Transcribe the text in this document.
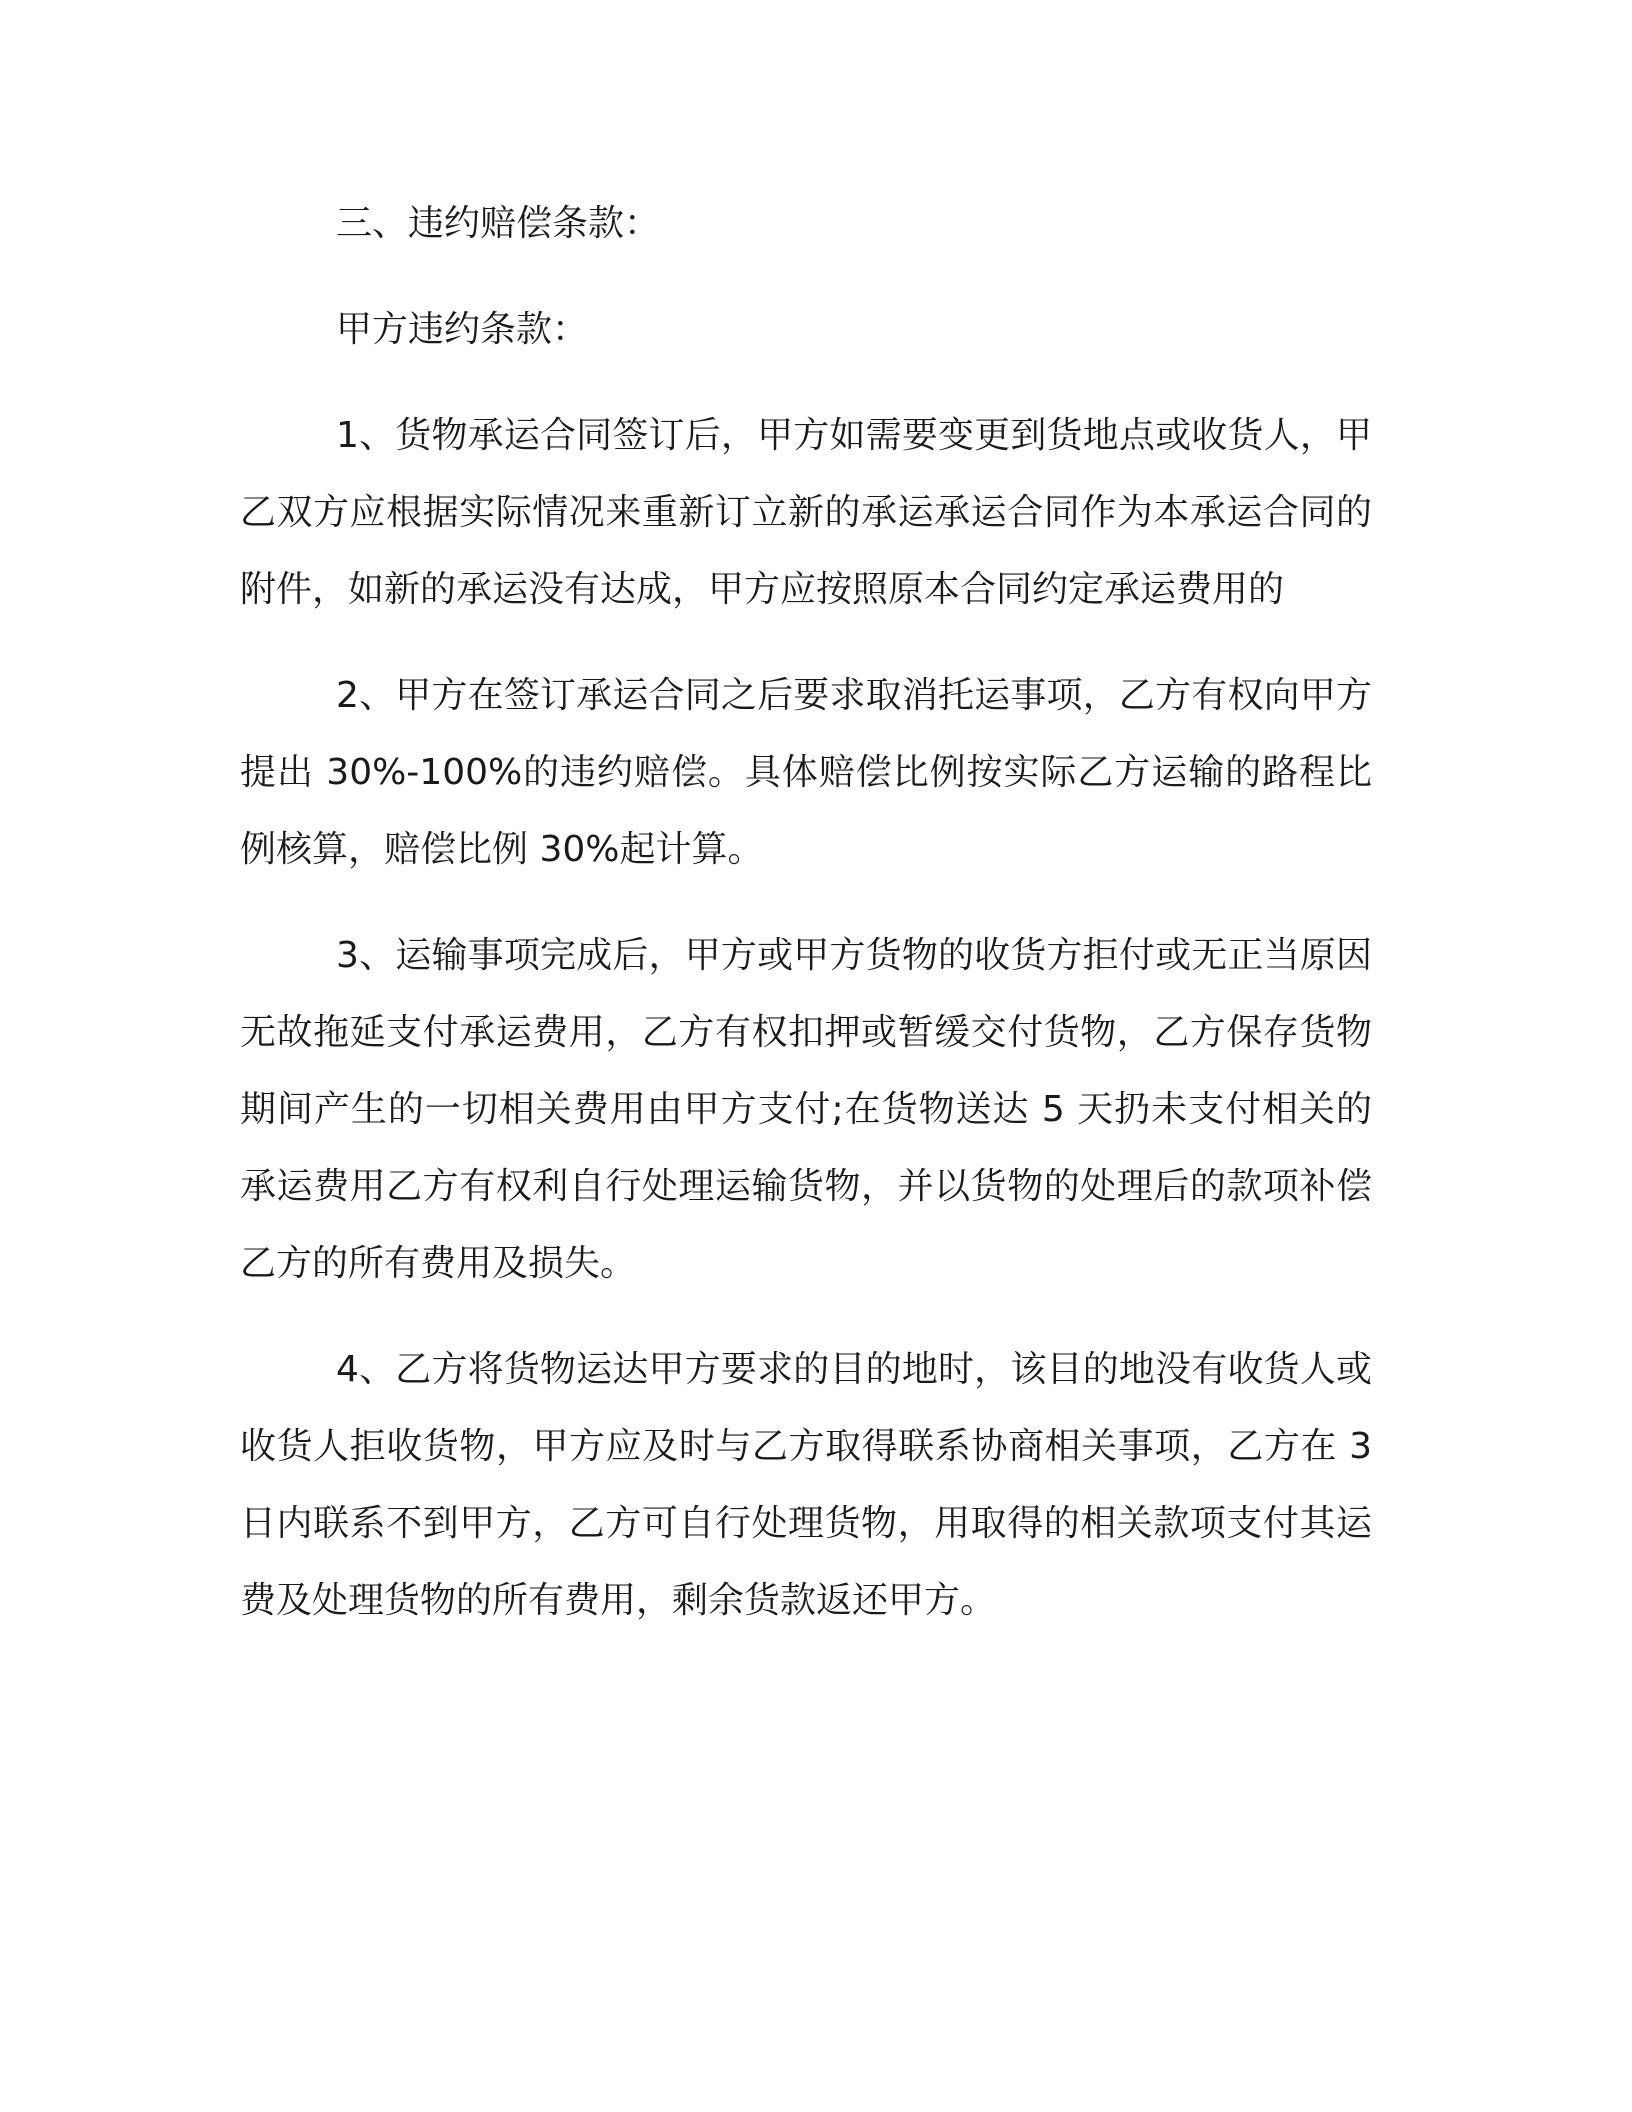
三、违约赔偿条款：

甲方违约条款：

1、货物承运合同签订后，甲方如需要变更到货地点或收货人，甲乙双方应根据实际情况来重新订立新的承运承运合同作为本承运合同的附件，如新的承运没有达成，甲方应按照原本合同约定承运费用的

2、甲方在签订承运合同之后要求取消托运事项，乙方有权向甲方提出 30%-100%的违约赔偿。具体赔偿比例按实际乙方运输的路程比例核算，赔偿比例 30%起计算。

3、运输事项完成后，甲方或甲方货物的收货方拒付或无正当原因无故拖延支付承运费用，乙方有权扣押或暂缓交付货物，乙方保存货物期间产生的一切相关费用由甲方支付;在货物送达 5 天扔未支付相关的承运费用乙方有权利自行处理运输货物，并以货物的处理后的款项补偿乙方的所有费用及损失。

4、乙方将货物运达甲方要求的目的地时，该目的地没有收货人或收货人拒收货物，甲方应及时与乙方取得联系协商相关事项，乙方在 3 日内联系不到甲方，乙方可自行处理货物，用取得的相关款项支付其运费及处理货物的所有费用，剩余货款返还甲方。
